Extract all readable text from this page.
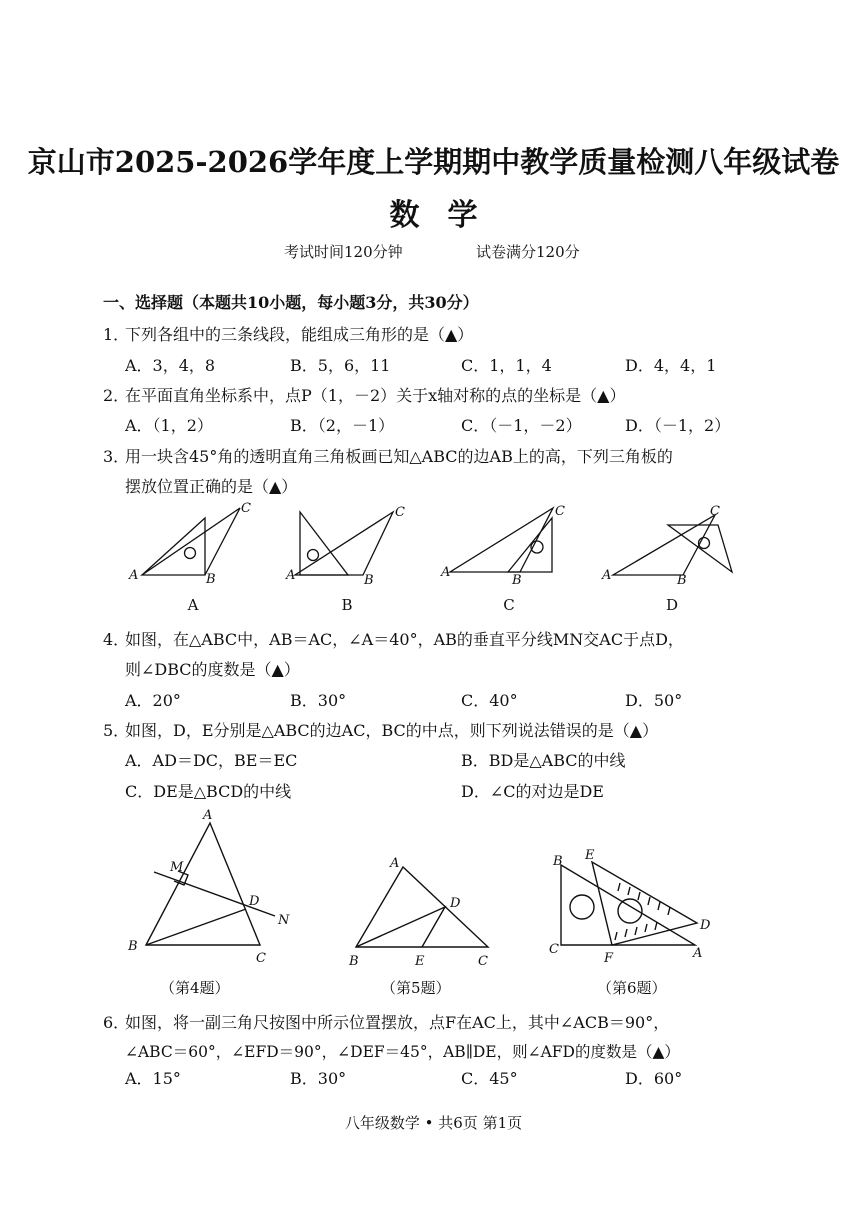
京山市2025-2026学年度上学期期中教学质量检测八年级试卷
数学
考试时间120分钟	试卷满分120分
一、选择题（本题共10小题，每小题3分，共30分）
1．下列各组中的三条线段，能组成三角形的是（▲）
A．3，4，8	B．5，6，11	C．1，1，4	D．4，4，1
2．在平面直角坐标系中，点P（1，－2）关于x轴对称的点的坐标是（▲）
A．（1，2）	B．（2，－1）	C．（－1，－2）	D．（－1，2）
3．用一块含45°角的透明直角三角板画已知△ABC的边AB上的高，下列三角板的
摆放位置正确的是（▲）
A	B
C
A	B
C
A
B
C
A	B
C
A	B	C	D
4．如图，在△ABC中，AB＝AC，∠A＝40°，AB的垂直平分线MN交AC于点D，
则∠DBC的度数是（▲）
A．20°	B．30°	C．40°	D．50°
5．如图，D，E分别是△ABC的边AC，BC的中点，则下列说法错误的是（▲）
A．AD＝DC，BE＝EC	B．BD是△ABC的中线
C．DE是△BCD的中线	D．∠C的对边是DE
A
M
D
N
B
C
A
D
B	E	C
B E
D
C
F	A
（第4题）	（第5题）	（第6题）
6．如图，将一副三角尺按图中所示位置摆放，点F在AC上，其中∠ACB＝90°，
∠ABC＝60°，∠EFD＝90°，∠DEF＝45°，AB∥DE，则∠AFD的度数是（▲）
A．15°	B．30°	C．45°	D．60°
八年级数学 • 共6页 第1页
